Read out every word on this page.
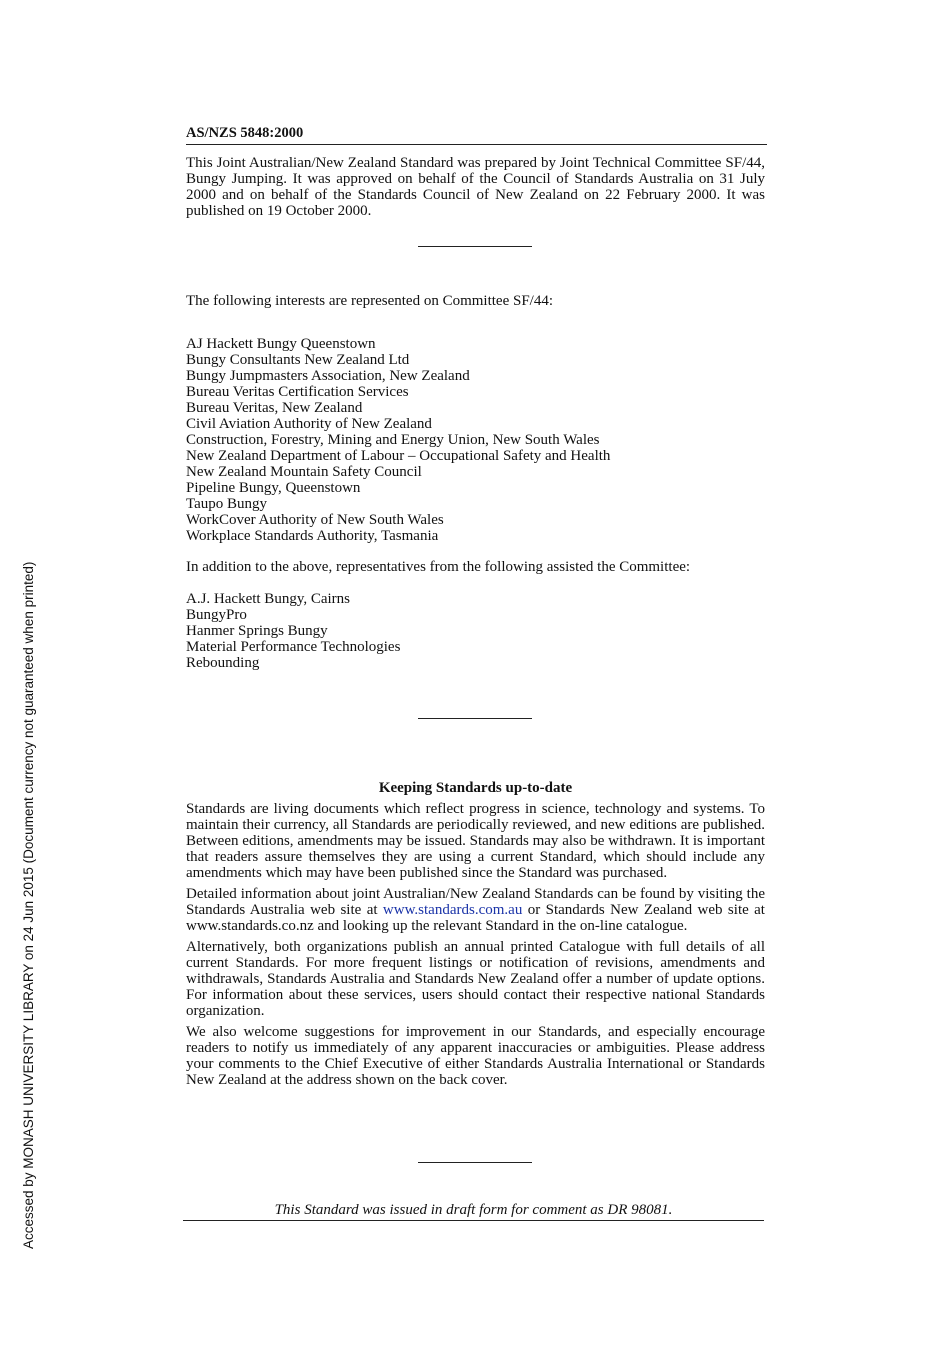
AS/NZS 5848:2000
This Joint Australian/New Zealand Standard was prepared by Joint Technical Committee SF/44, Bungy Jumping. It was approved on behalf of the Council of Standards Australia on 31 July 2000 and on behalf of the Standards Council of New Zealand on 22 February 2000. It was published on 19 October 2000.
The following interests are represented on Committee SF/44:
AJ Hackett Bungy Queenstown
Bungy Consultants New Zealand Ltd
Bungy Jumpmasters Association, New Zealand
Bureau Veritas Certification Services
Bureau Veritas, New Zealand
Civil Aviation Authority of New Zealand
Construction, Forestry, Mining and Energy Union, New South Wales
New Zealand Department of Labour – Occupational Safety and Health
New Zealand Mountain Safety Council
Pipeline Bungy, Queenstown
Taupo Bungy
WorkCover Authority of New South Wales
Workplace Standards Authority, Tasmania
In addition to the above, representatives from the following assisted the Committee:
A.J. Hackett Bungy, Cairns
BungyPro
Hanmer Springs Bungy
Material Performance Technologies
Rebounding
Keeping Standards up-to-date

Standards are living documents which reflect progress in science, technology and systems. To maintain their currency, all Standards are periodically reviewed, and new editions are published. Between editions, amendments may be issued. Standards may also be withdrawn. It is important that readers assure themselves they are using a current Standard, which should include any amendments which may have been published since the Standard was purchased.

Detailed information about joint Australian/New Zealand Standards can be found by visiting the Standards Australia web site at www.standards.com.au or Standards New Zealand web site at www.standards.co.nz and looking up the relevant Standard in the on-line catalogue.

Alternatively, both organizations publish an annual printed Catalogue with full details of all current Standards. For more frequent listings or notification of revisions, amendments and withdrawals, Standards Australia and Standards New Zealand offer a number of update options. For information about these services, users should contact their respective national Standards organization.

We also welcome suggestions for improvement in our Standards, and especially encourage readers to notify us immediately of any apparent inaccuracies or ambiguities. Please address your comments to the Chief Executive of either Standards Australia International or Standards New Zealand at the address shown on the back cover.

This Standard was issued in draft form for comment as DR 98081.
Accessed by MONASH UNIVERSITY LIBRARY on 24 Jun 2015 (Document currency not guaranteed when printed)
